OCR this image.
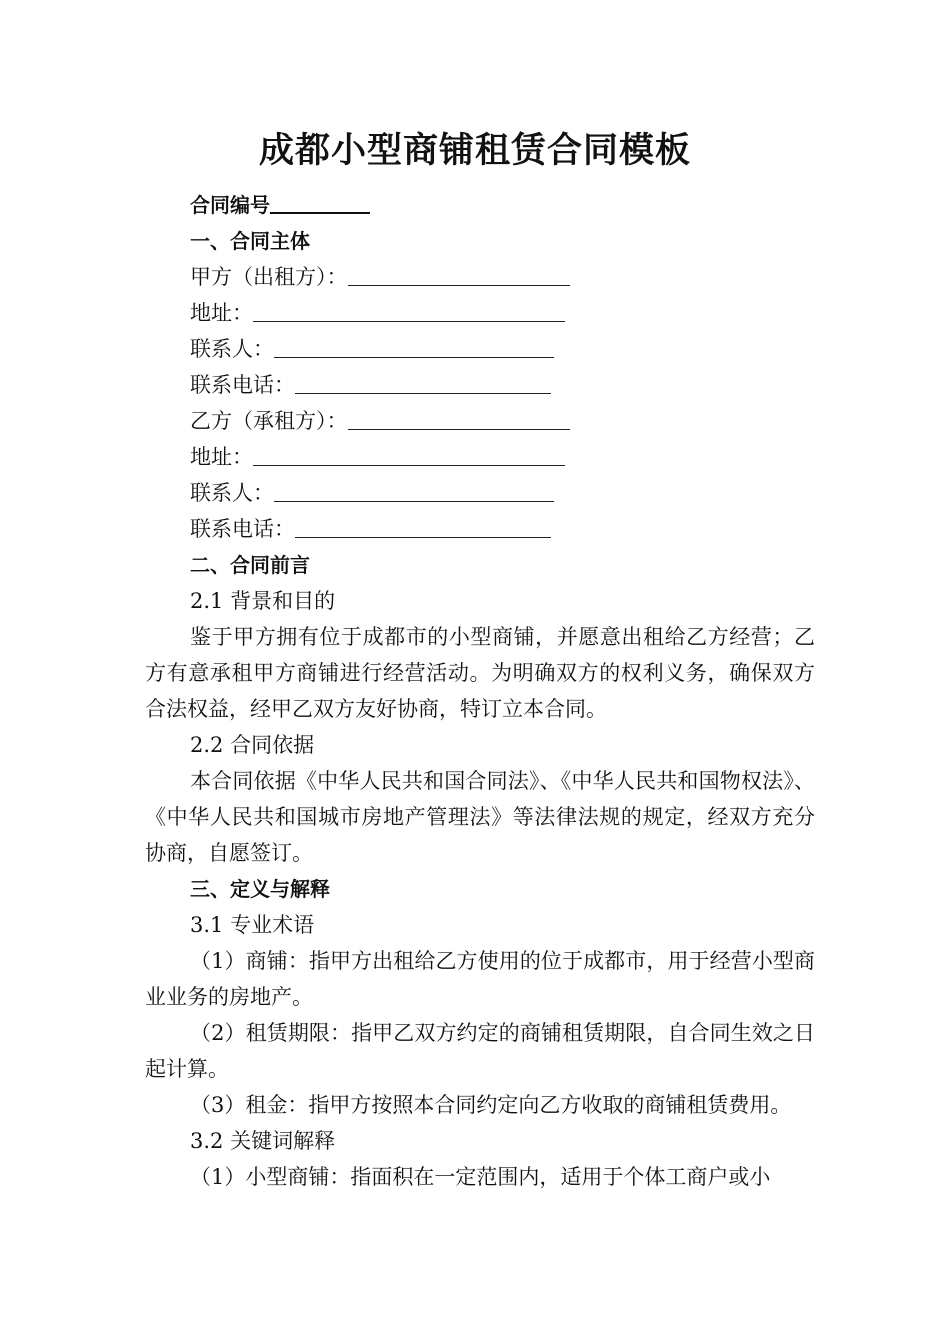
成都小型商铺租赁合同模板

合同编号

一、合同主体

甲方（出租方）：

地址：

联系人：

联系电话：

乙方（承租方）：

地址：

联系人：

联系电话：

二、合同前言

2.1 背景和目的

鉴于甲方拥有位于成都市的小型商铺，并愿意出租给乙方经营；乙方有意承租甲方商铺进行经营活动。为明确双方的权利义务，确保双方合法权益，经甲乙双方友好协商，特订立本合同。

2.2 合同依据

本合同依据《中华人民共和国合同法》、《中华人民共和国物权法》、《中华人民共和国城市房地产管理法》等法律法规的规定，经双方充分协商，自愿签订。

三、定义与解释

3.1 专业术语

（1）商铺：指甲方出租给乙方使用的位于成都市，用于经营小型商业业务的房地产。

（2）租赁期限：指甲乙双方约定的商铺租赁期限，自合同生效之日起计算。

（3）租金：指甲方按照本合同约定向乙方收取的商铺租赁费用。

3.2 关键词解释

（1）小型商铺：指面积在一定范围内，适用于个体工商户或小
